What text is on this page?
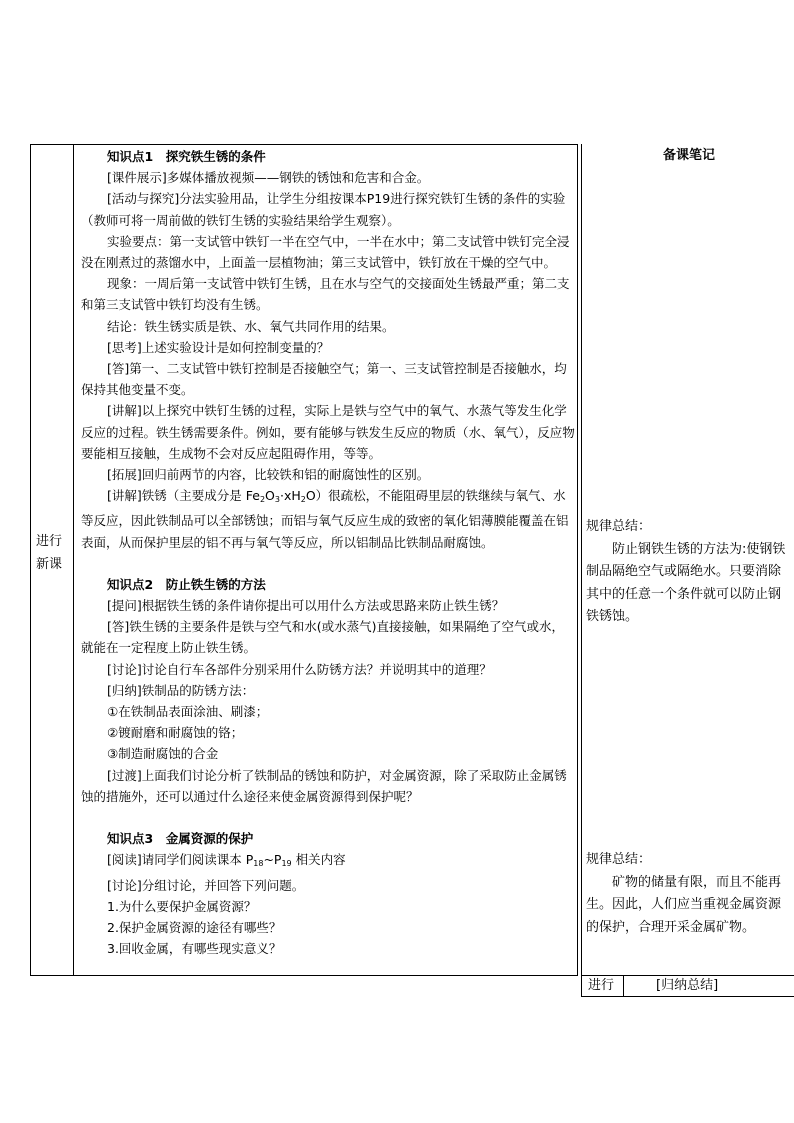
进行
新课

知识点1　探究铁生锈的条件

[课件展示]多媒体播放视频——钢铁的锈蚀和危害和合金。

[活动与探究]分法实验用品，让学生分组按课本P19进行探究铁钉生锈的条件的实验（教师可将一周前做的铁钉生锈的实验结果给学生观察）。

实验要点：第一支试管中铁钉一半在空气中，一半在水中；第二支试管中铁钉完全浸没在刚煮过的蒸馏水中，上面盖一层植物油；第三支试管中，铁钉放在干燥的空气中。

现象：一周后第一支试管中铁钉生锈，且在水与空气的交接面处生锈最严重；第二支和第三支试管中铁钉均没有生锈。

结论：铁生锈实质是铁、水、氧气共同作用的结果。

[思考]上述实验设计是如何控制变量的？

[答]第一、二支试管中铁钉控制是否接触空气；第一、三支试管控制是否接触水，均保持其他变量不变。

[讲解]以上探究中铁钉生锈的过程，实际上是铁与空气中的氧气、水蒸气等发生化学反应的过程。铁生锈需要条件。例如，要有能够与铁发生反应的物质（水、氧气），反应物要能相互接触，生成物不会对反应起阻碍作用，等等。

[拓展]回归前两节的内容，比较铁和铝的耐腐蚀性的区别。

[讲解]铁锈（主要成分是 $Fe_2O_3\cdot xH_2O$）很疏松，不能阻碍里层的铁继续与氧气、水等反应，因此铁制品可以全部锈蚀；而铝与氧气反应生成的致密的氧化铝薄膜能覆盖在铝表面，从而保护里层的铝不再与氧气等反应，所以铝制品比铁制品耐腐蚀。

知识点2　防止铁生锈的方法

[提问]根据铁生锈的条件请你提出可以用什么方法或思路来防止铁生锈？

[答]铁生锈的主要条件是铁与空气和水(或水蒸气)直接接触，如果隔绝了空气或水，就能在一定程度上防止铁生锈。

[讨论]讨论自行车各部件分别采用什么防锈方法？并说明其中的道理？

[归纳]铁制品的防锈方法：

①在铁制品表面涂油、刷漆；

②镀耐磨和耐腐蚀的铬；

③制造耐腐蚀的合金

[过渡]上面我们讨论分析了铁制品的锈蚀和防护，对金属资源，除了采取防止金属锈蚀的措施外，还可以通过什么途径来使金属资源得到保护呢？

知识点3　金属资源的保护

[阅读]请同学们阅读课本 $P_{18}\sim P_{19}$ 相关内容

[讨论]分组讨论，并回答下列问题。

1.为什么要保护金属资源？

2.保护金属资源的途径有哪些？

3.回收金属，有哪些现实意义？

备课笔记

规律总结：

防止钢铁生锈的方法为:使钢铁制品隔绝空气或隔绝水。只要消除其中的任意一个条件就可以防止钢铁锈蚀。

规律总结：

矿物的储量有限，而且不能再生。因此，人们应当重视金属资源的保护，合理开采金属矿物。

进行	[归纳总结]
